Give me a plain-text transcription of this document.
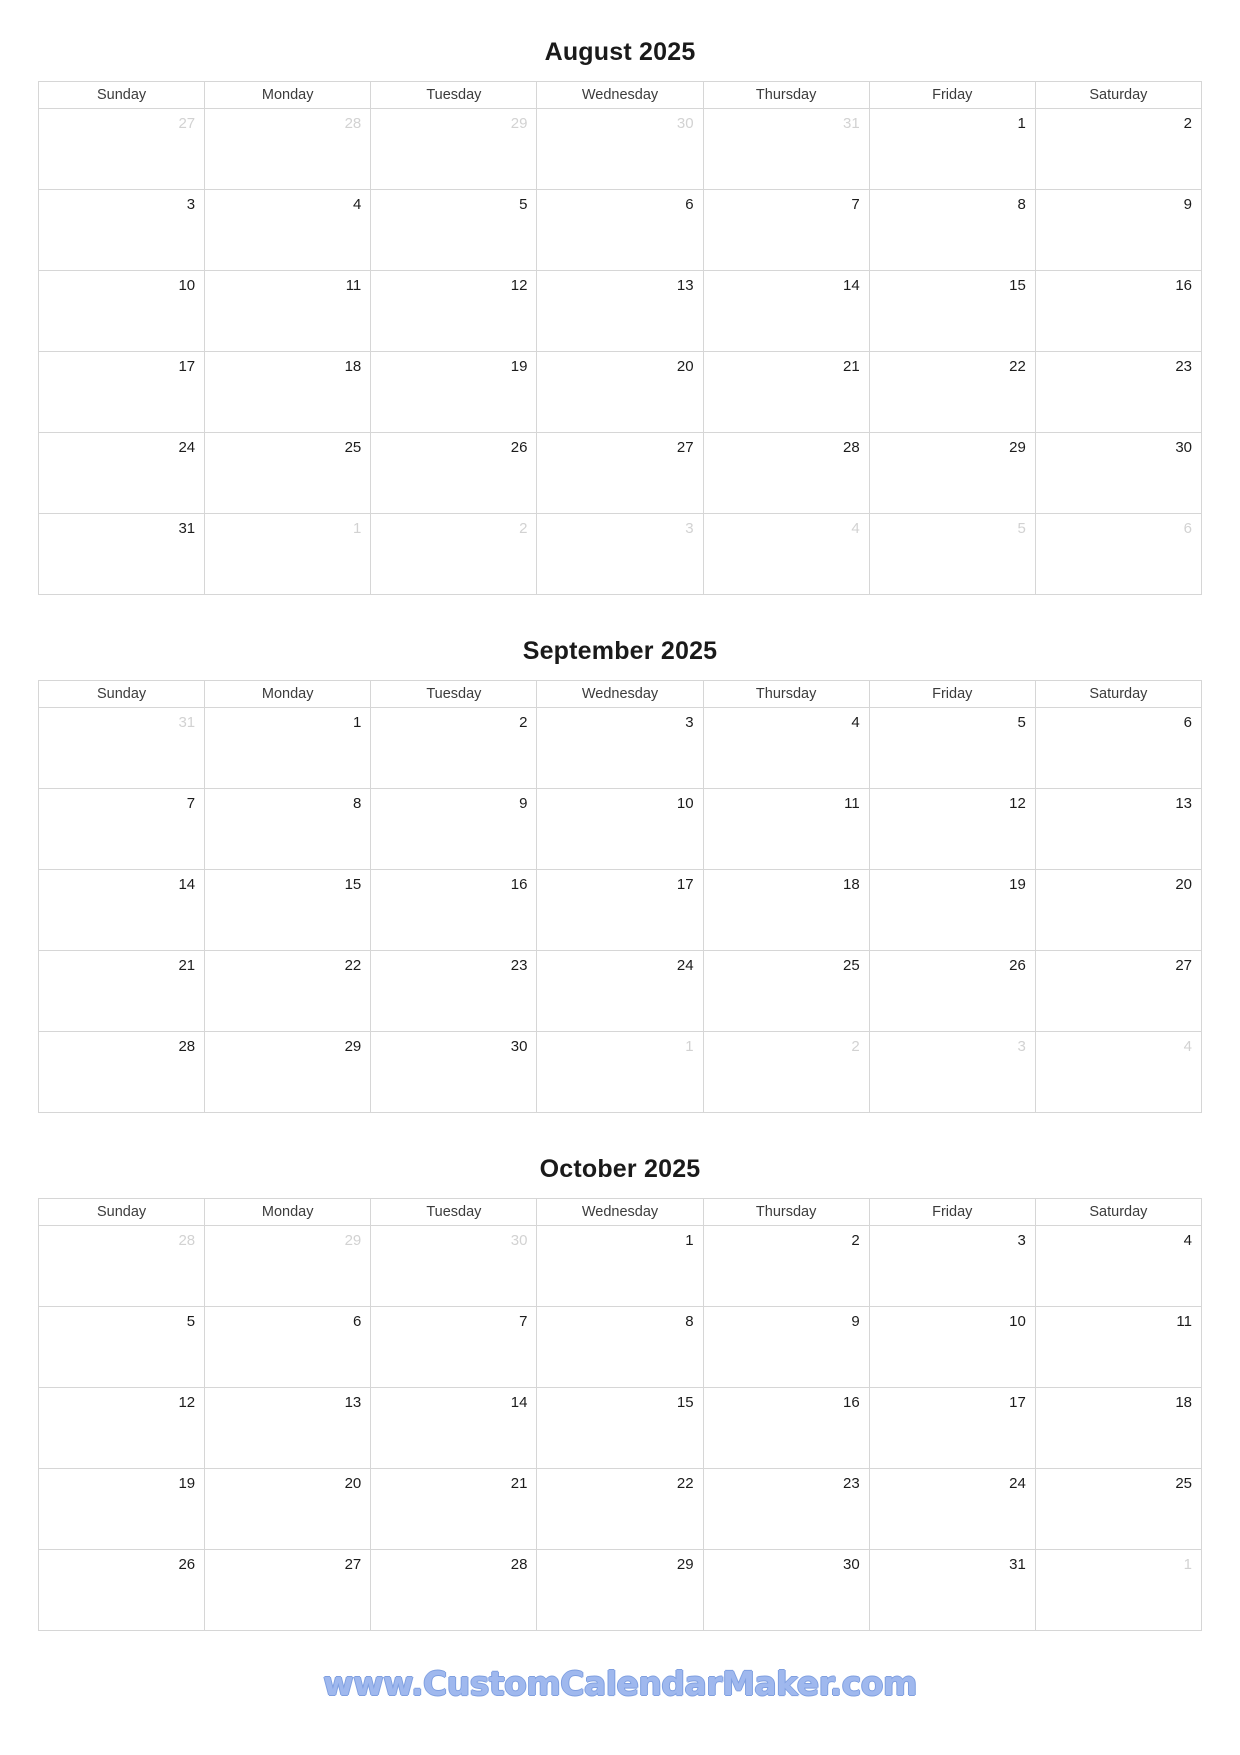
August 2025
Sunday	Monday	Tuesday	Wednesday	Thursday	Friday	Saturday
27	28	29	30	31	1	2
3	4	5	6	7	8	9
10	11	12	13	14	15	16
17	18	19	20	21	22	23
24	25	26	27	28	29	30
31	1	2	3	4	5	6
September 2025
Sunday	Monday	Tuesday	Wednesday	Thursday	Friday	Saturday
31	1	2	3	4	5	6
7	8	9	10	11	12	13
14	15	16	17	18	19	20
21	22	23	24	25	26	27
28	29	30	1	2	3	4
October 2025
Sunday	Monday	Tuesday	Wednesday	Thursday	Friday	Saturday
28	29	30	1	2	3	4
5	6	7	8	9	10	11
12	13	14	15	16	17	18
19	20	21	22	23	24	25
26	27	28	29	30	31	1
www.CustomCalendarMaker.com
